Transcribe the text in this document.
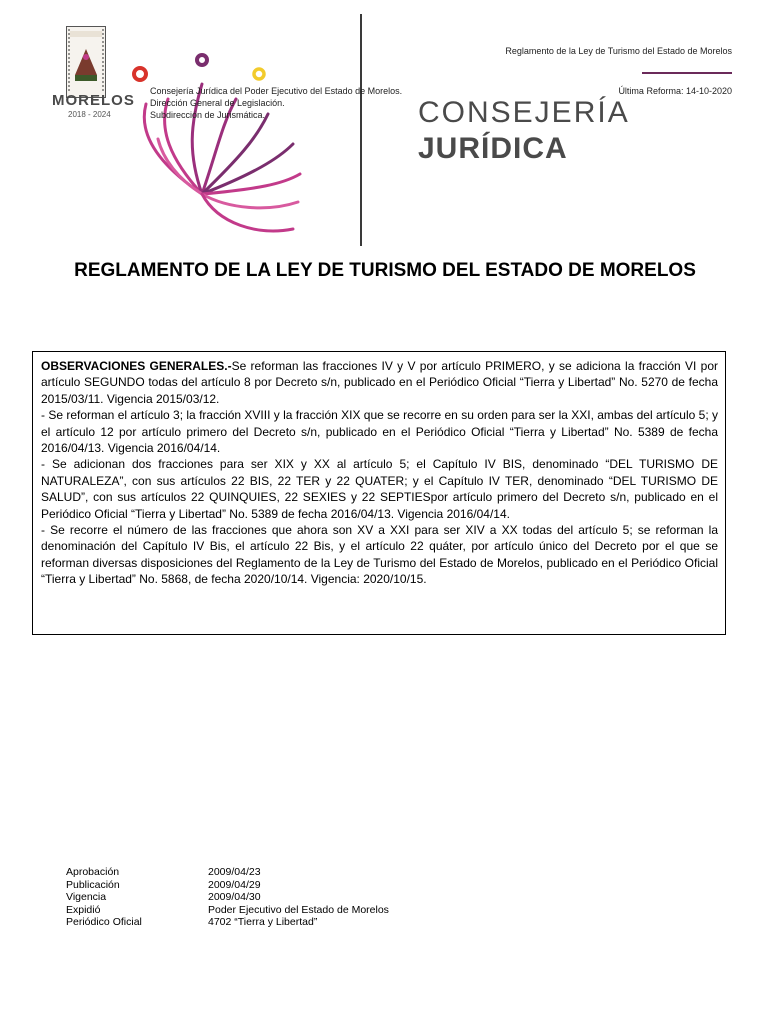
MORELOS
2018 - 2024
Reglamento de la Ley de Turismo del Estado de Morelos
Última Reforma: 14-10-2020
Consejería Jurídica del Poder Ejecutivo del Estado de Morelos.
Dirección General de Legislación.
Subdirección de Jurismática.	CONSEJERÍA
JURÍDICA
REGLAMENTO DE LA LEY DE TURISMO DEL ESTADO DE MORELOS

OBSERVACIONES GENERALES.-Se reforman las fracciones IV y V por artículo PRIMERO, y se adiciona la fracción VI por artículo SEGUNDO todas del artículo 8 por Decreto s/n, publicado en el Periódico Oficial “Tierra y Libertad” No. 5270 de fecha 2015/03/11. Vigencia 2015/03/12.

- Se reforman el artículo 3; la fracción XVIII y la fracción XIX que se recorre en su orden para ser la XXI, ambas del artículo 5; y el artículo 12 por artículo primero del Decreto s/n, publicado en el Periódico Oficial “Tierra y Libertad” No. 5389 de fecha 2016/04/13. Vigencia 2016/04/14.

- Se adicionan dos fracciones para ser XIX y XX al artículo 5; el Capítulo IV BIS, denominado “DEL TURISMO DE NATURALEZA”, con sus artículos 22 BIS, 22 TER y 22 QUATER; y el Capítulo IV TER, denominado “DEL TURISMO DE SALUD”, con sus artículos 22 QUINQUIES, 22 SEXIES y 22 SEPTIESpor artículo primero del Decreto s/n, publicado en el Periódico Oficial “Tierra y Libertad” No. 5389 de fecha 2016/04/13. Vigencia 2016/04/14.

- Se recorre el número de las fracciones que ahora son XV a XXI para ser XIV a XX todas del artículo 5; se reforman la denominación del Capítulo IV Bis, el artículo 22 Bis, y el artículo 22 quáter, por artículo único del Decreto por el que se reforman diversas disposiciones del Reglamento de la Ley de Turismo del Estado de Morelos, publicado en el Periódico Oficial “Tierra y Libertad” No. 5868, de fecha 2020/10/14. Vigencia: 2020/10/15.

Aprobación	2009/04/23
Publicación	2009/04/29
Vigencia	2009/04/30
Expidió	Poder Ejecutivo del Estado de Morelos
Periódico Oficial	4702 “Tierra y Libertad”
